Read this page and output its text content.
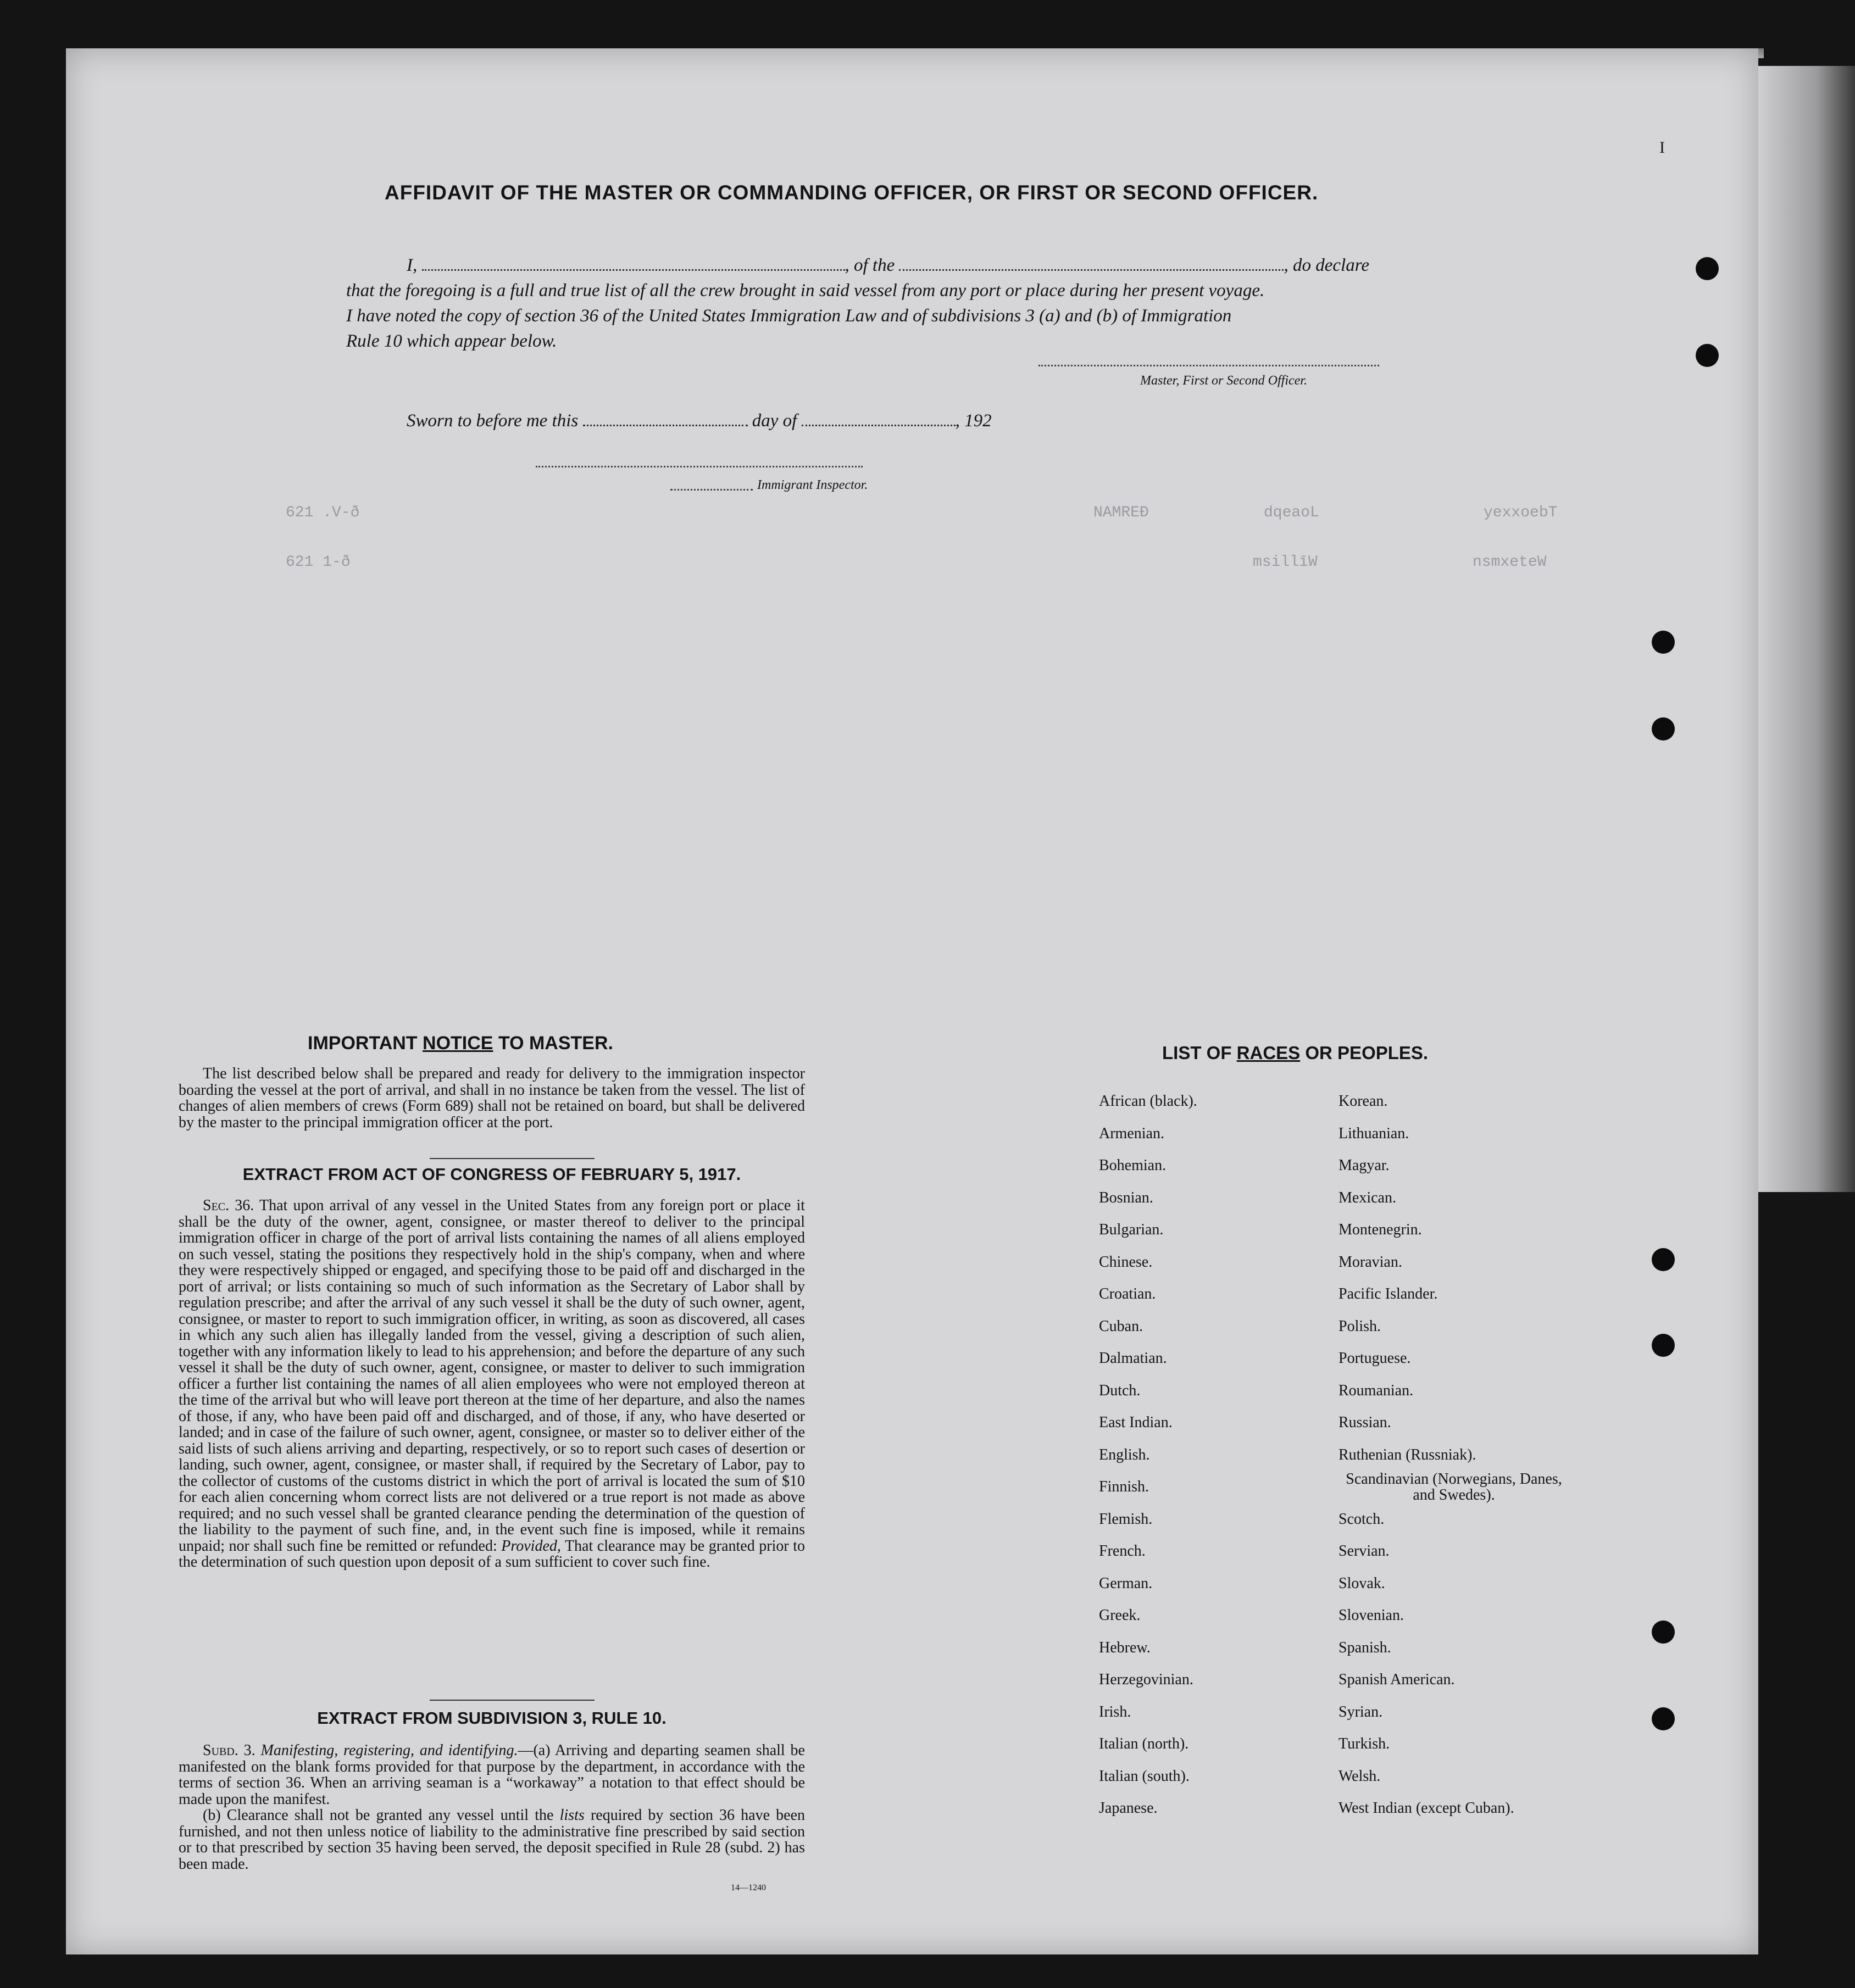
I
yexxoebT
nsmxeteW
dqeaoL
msillīW
NAMREÐ
621 .V-ð
621 1-ð
AFFIDAVIT OF THE MASTER OR COMMANDING OFFICER, OR FIRST OR SECOND OFFICER.
I,	, of the	, do declare
that the foregoing is a full and true list of all the crew brought in said vessel from any port or place during her present voyage.
I have noted the copy of section 36 of the United States Immigration Law and of subdivisions 3 (a) and (b) of Immigration
Rule 10 which appear below.
Master, First or Second Officer.
Sworn to before me this	day of	, 192
Immigrant Inspector.
IMPORTANT NOTICE TO MASTER.
The list described below shall be prepared and ready for delivery to the immigration inspector boarding the vessel at the port of arrival, and shall in no instance be taken from the vessel. The list of changes of alien members of crews (Form 689) shall not be retained on board, but shall be delivered by the master to the principal immigration officer at the port.
EXTRACT FROM ACT OF CONGRESS OF FEBRUARY 5, 1917.
Sec. 36. That upon arrival of any vessel in the United States from any foreign port or place it shall be the duty of the owner, agent, consignee, or master thereof to deliver to the principal immigration officer in charge of the port of arrival lists containing the names of all aliens employed on such vessel, stating the positions they respectively hold in the ship's company, when and where they were respectively shipped or engaged, and specifying those to be paid off and discharged in the port of arrival; or lists containing so much of such information as the Secretary of Labor shall by regulation prescribe; and after the arrival of any such vessel it shall be the duty of such owner, agent, consignee, or master to report to such immigration officer, in writing, as soon as discovered, all cases in which any such alien has illegally landed from the vessel, giving a description of such alien, together with any information likely to lead to his apprehension; and before the departure of any such vessel it shall be the duty of such owner, agent, consignee, or master to deliver to such immigration officer a further list containing the names of all alien employees who were not employed thereon at the time of the arrival but who will leave port thereon at the time of her departure, and also the names of those, if any, who have been paid off and discharged, and of those, if any, who have deserted or landed; and in case of the failure of such owner, agent, consignee, or master so to deliver either of the said lists of such aliens arriving and departing, respectively, or so to report such cases of desertion or landing, such owner, agent, consignee, or master shall, if required by the Secretary of Labor, pay to the collector of customs of the customs district in which the port of arrival is located the sum of $10 for each alien concerning whom correct lists are not delivered or a true report is not made as above required; and no such vessel shall be granted clearance pending the determination of the question of the liability to the payment of such fine, and, in the event such fine is imposed, while it remains unpaid; nor shall such fine be remitted or refunded: Provided, That clearance may be granted prior to the determination of such question upon deposit of a sum sufficient to cover such fine.
EXTRACT FROM SUBDIVISION 3, RULE 10.
Subd. 3. Manifesting, registering, and identifying.—(a) Arriving and departing seamen shall be manifested on the blank forms provided for that purpose by the department, in accordance with the terms of section 36. When an arriving seaman is a “workaway” a notation to that effect should be made upon the manifest.
(b) Clearance shall not be granted any vessel until the lists required by section 36 have been furnished, and not then unless notice of liability to the administrative fine prescribed by said section or to that prescribed by section 35 having been served, the deposit specified in Rule 28 (subd. 2) has been made.
14—1240
LIST OF RACES OR PEOPLES.
African (black).
Armenian.
Bohemian.
Bosnian.
Bulgarian.
Chinese.
Croatian.
Cuban.
Dalmatian.
Dutch.
East Indian.
English.
Finnish.
Flemish.
French.
German.
Greek.
Hebrew.
Herzegovinian.
Irish.
Italian (north).
Italian (south).
Japanese.
Korean.
Lithuanian.
Magyar.
Mexican.
Montenegrin.
Moravian.
Pacific Islander.
Polish.
Portuguese.
Roumanian.
Russian.
Ruthenian (Russniak).
Scandinavian (Norwegians, Danes, and Swedes).
Scotch.
Servian.
Slovak.
Slovenian.
Spanish.
Spanish American.
Syrian.
Turkish.
Welsh.
West Indian (except Cuban).
